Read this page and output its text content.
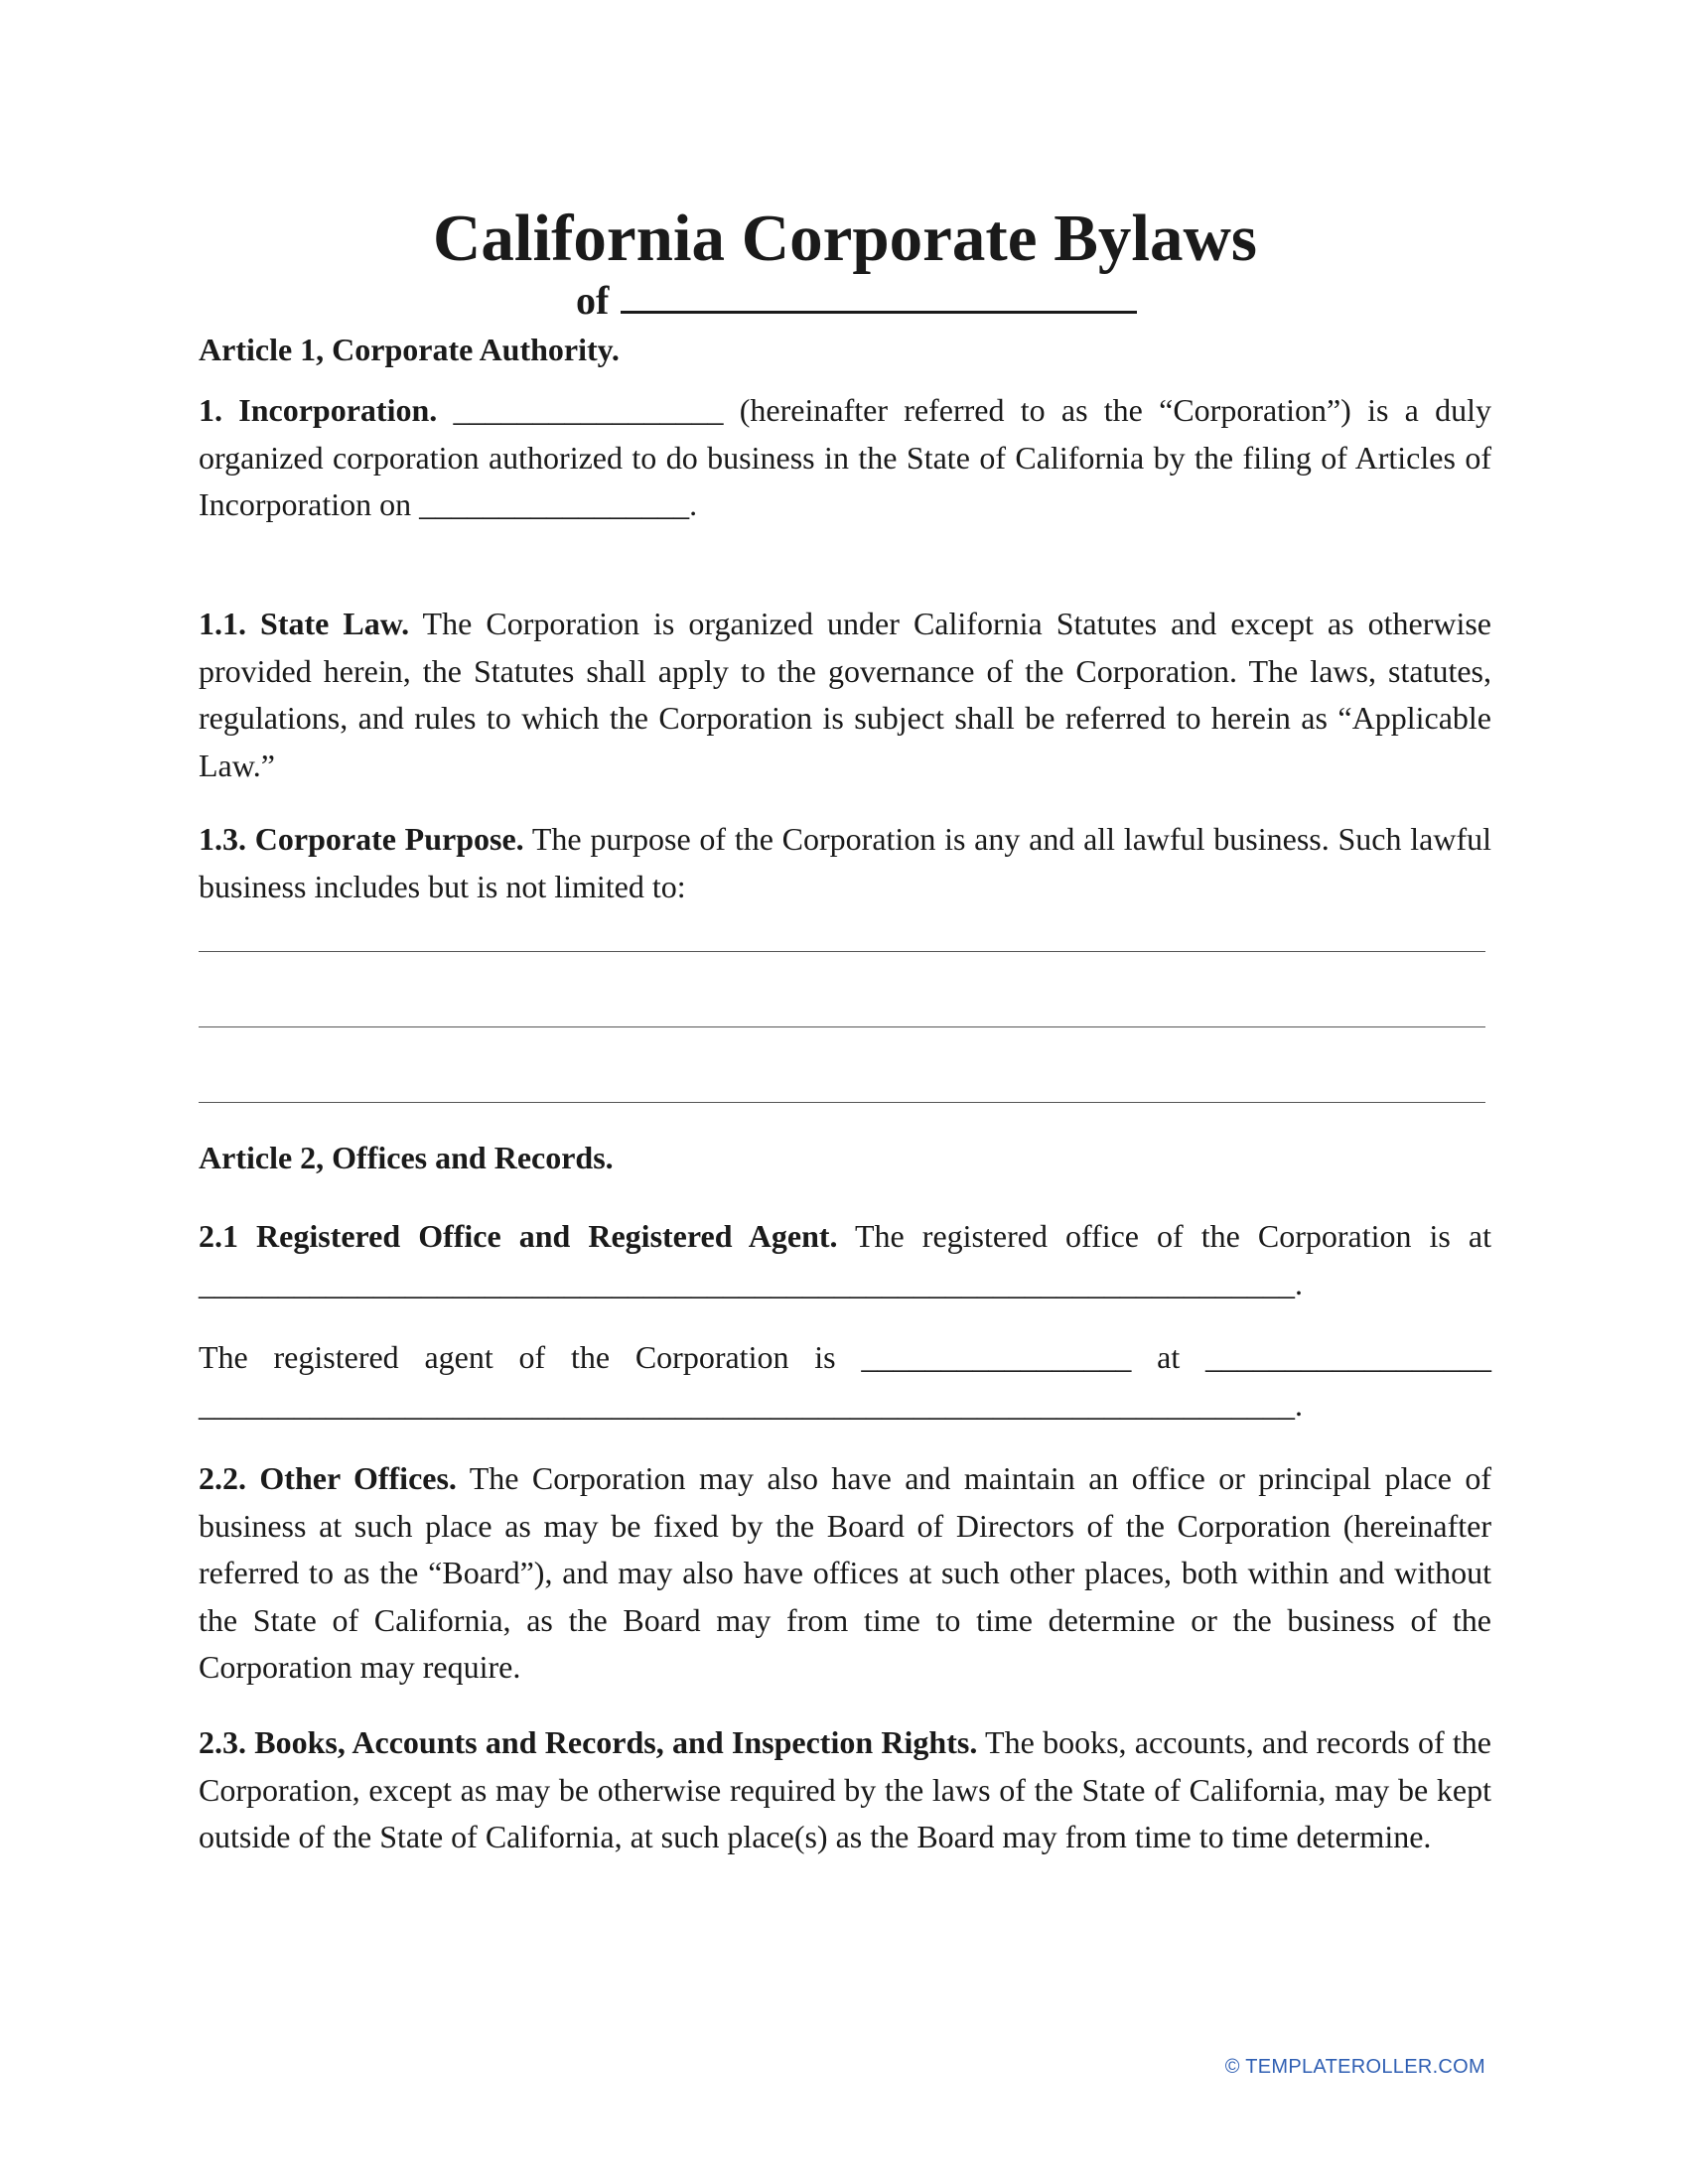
California Corporate Bylaws
of
Article 1, Corporate Authority.
1. Incorporation. _________________ (hereinafter referred to as the “Corporation”) is a duly organized corporation authorized to do business in the State of California by the filing of Articles of Incorporation on _________________.
1.1. State Law. The Corporation is organized under California Statutes and except as otherwise provided herein, the Statutes shall apply to the governance of the Corporation. The laws, statutes, regulations, and rules to which the Corporation is subject shall be referred to herein as “Applicable Law.”
1.3. Corporate Purpose. The purpose of the Corporation is any and all lawful business. Such lawful business includes but is not limited to:
Article 2, Offices and Records.
2.1 Registered Office and Registered Agent. The registered office of the Corporation is at _____________________________________________________________________.
The registered agent of the Corporation is _________________ at __________________ _____________________________________________________________________.
2.2. Other Offices. The Corporation may also have and maintain an office or principal place of business at such place as may be fixed by the Board of Directors of the Corporation (hereinafter referred to as the “Board”), and may also have offices at such other places, both within and without the State of California, as the Board may from time to time determine or the business of the Corporation may require.
2.3. Books, Accounts and Records, and Inspection Rights. The books, accounts, and records of the Corporation, except as may be otherwise required by the laws of the State of California, may be kept outside of the State of California, at such place(s) as the Board may from time to time determine.
© TEMPLATEROLLER.COM
